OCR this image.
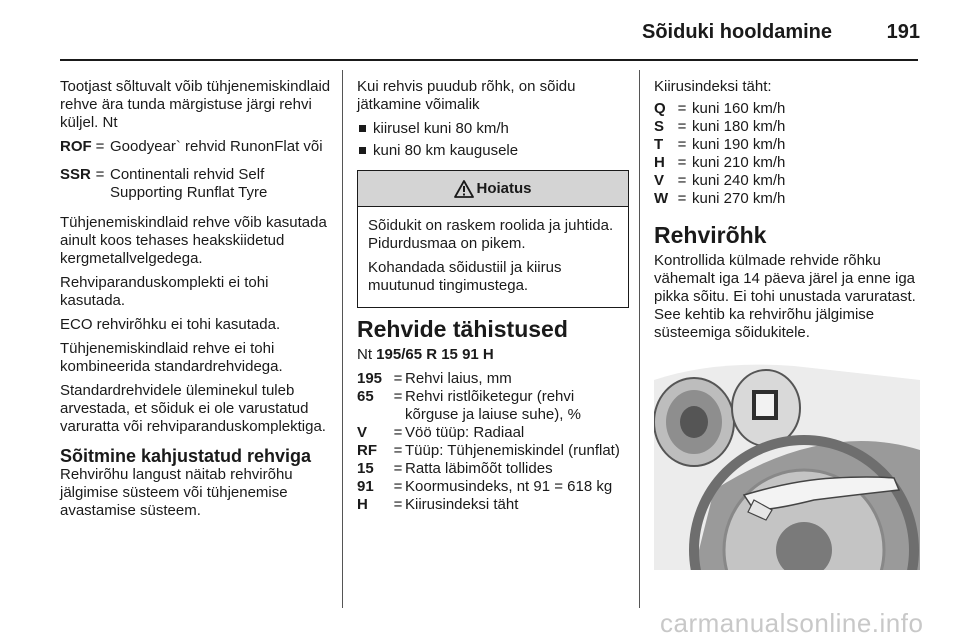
Sõiduki hooldamine	191

Tootjast sõltuvalt võib tühjenemiskindlaid rehve ära tunda märgistuse järgi rehvi küljel. Nt

ROF = Goodyear` rehvid RunonFlat või
SSR = Continentali rehvid Self Supporting Runflat Tyre

Tühjenemiskindlaid rehve võib kasutada ainult koos tehases heakskiidetud kergmetallvelgedega.

Rehviparanduskomplekti ei tohi kasutada.

ECO rehvirõhku ei tohi kasutada.

Tühjenemiskindlaid rehve ei tohi kombineerida standardrehvidega.

Standardrehvidele üleminekul tuleb arvestada, et sõiduk ei ole varustatud varuratta või rehviparanduskomplektiga.

Sõitmine kahjustatud rehviga

Rehvirõhu langust näitab rehvirõhu jälgimise süsteem või tühjenemise avastamise süsteem.

Kui rehvis puudub rõhk, on sõidu jätkamine võimalik

kiirusel kuni 80 km/h
kuni 80 km kaugusele
Hoiatus

Sõidukit on raskem roolida ja juhtida. Pidurdusmaa on pikem.

Kohandada sõidustiil ja kiirus muutunud tingimustega.

Rehvide tähistused

Nt 195/65 R 15 91 H

195 = Rehvi laius, mm
65	= Rehvi ristlõiketegur (rehvi kõrguse ja laiuse suhe), %
V	= Vöö tüüp: Radiaal
RF	= Tüüp: Tühjenemiskindel (runflat)
15	= Ratta läbimõõt tollides
91	= Koormusindeks, nt 91 = 618 kg
H	= Kiirusindeksi täht

Kiirusindeksi täht:

Q = kuni 160 km/h
S = kuni 180 km/h
T = kuni 190 km/h
H = kuni 210 km/h
V = kuni 240 km/h
W = kuni 270 km/h
Rehvirõhk

Kontrollida külmade rehvide rõhku vähemalt iga 14 päeva järel ja enne iga pikka sõitu. Ei tohi unustada varuratast. See kehtib ka rehvirõhu jälgimise süsteemiga sõidukitele.

carmanualsonline.info
